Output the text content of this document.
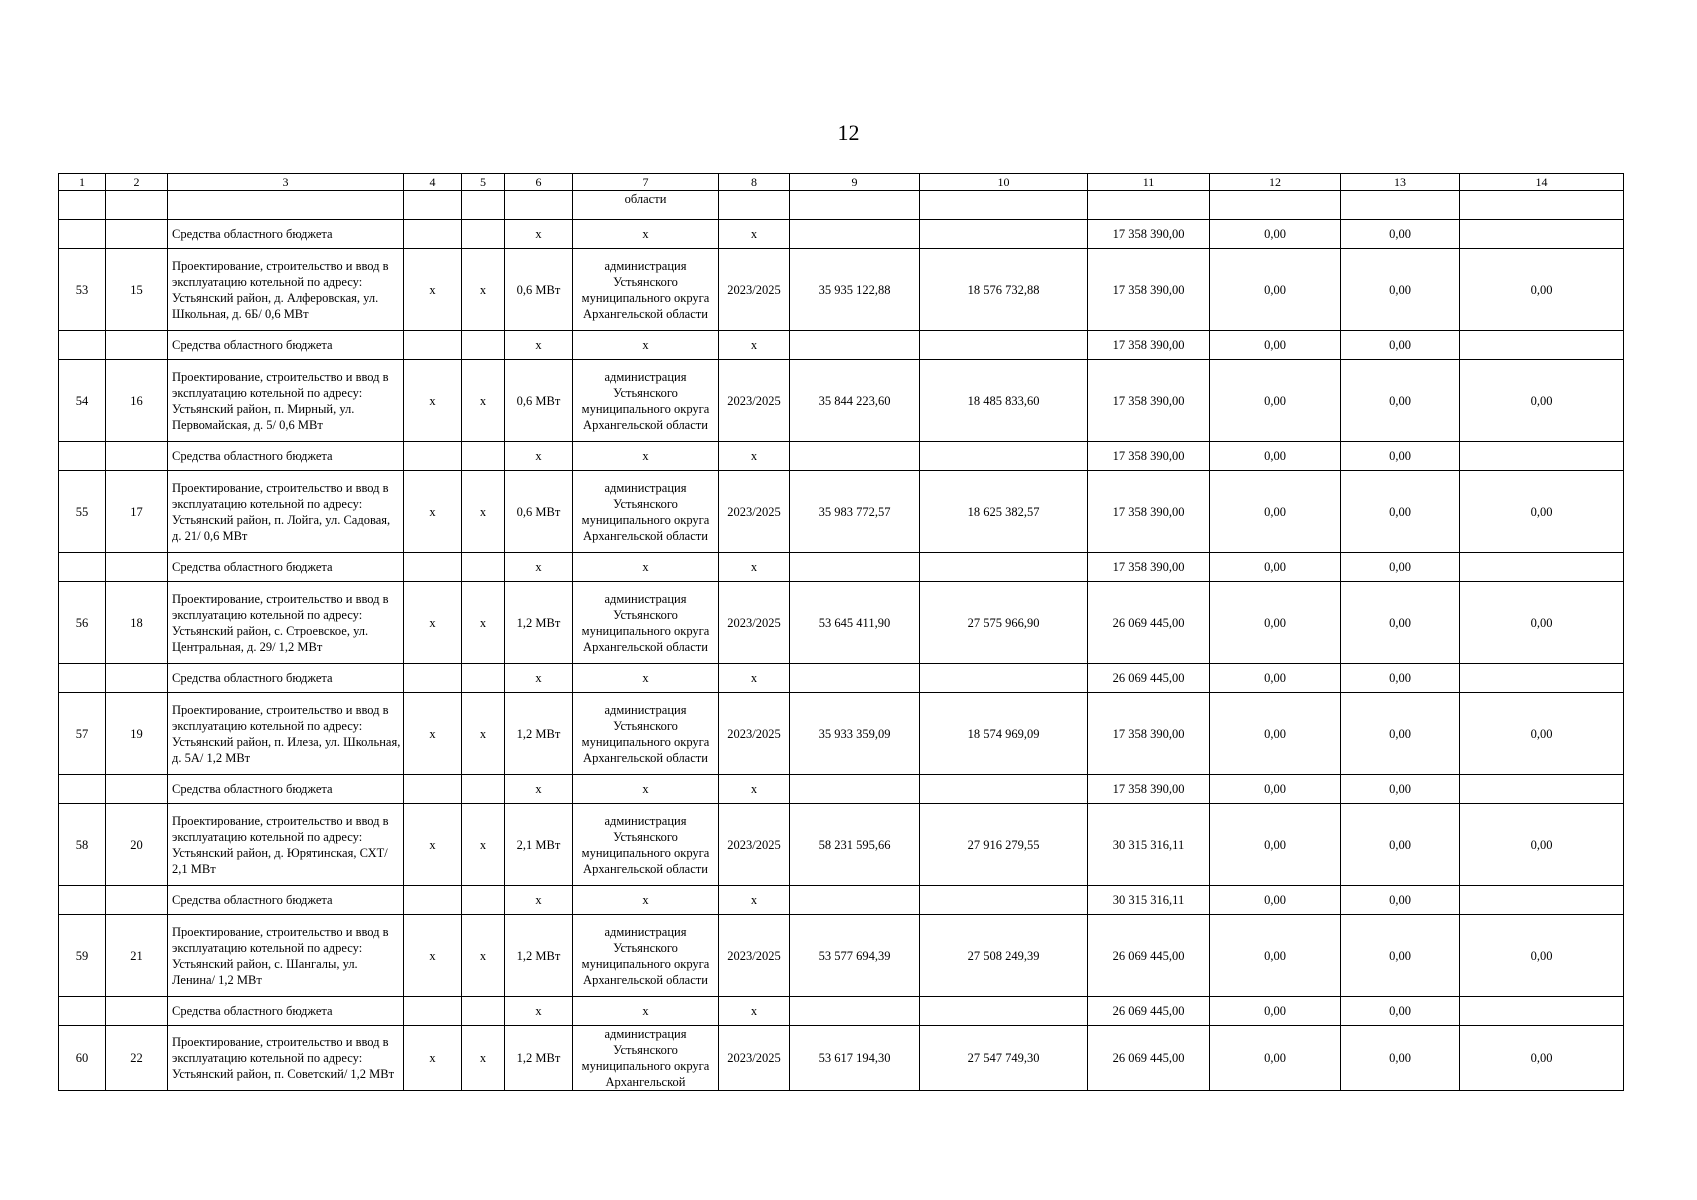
12
1	2	3	4	5	6	7	8	9	10	11	12	13	14
						области							
		Средства областного бюджета			х	х	х			17 358 390,00	0,00	0,00	
53	15	Проектирование, строительство и ввод в эксплуатацию котельной по адресу: Устьянский район, д. Алферовская, ул. Школьная, д. 6Б/ 0,6 МВт	х	х	0,6 МВт	администрация Устьянского муниципального округа Архангельской области	2023/2025	35 935 122,88	18 576 732,88	17 358 390,00	0,00	0,00	0,00
		Средства областного бюджета			х	х	х			17 358 390,00	0,00	0,00	
54	16	Проектирование, строительство и ввод в эксплуатацию котельной по адресу: Устьянский район, п. Мирный, ул. Первомайская, д. 5/ 0,6 МВт	х	х	0,6 МВт	администрация Устьянского муниципального округа Архангельской области	2023/2025	35 844 223,60	18 485 833,60	17 358 390,00	0,00	0,00	0,00
		Средства областного бюджета			х	х	х			17 358 390,00	0,00	0,00	
55	17	Проектирование, строительство и ввод в эксплуатацию котельной по адресу: Устьянский район, п. Лойга, ул. Садовая, д. 21/ 0,6 МВт	х	х	0,6 МВт	администрация Устьянского муниципального округа Архангельской области	2023/2025	35 983 772,57	18 625 382,57	17 358 390,00	0,00	0,00	0,00
		Средства областного бюджета			х	х	х			17 358 390,00	0,00	0,00	
56	18	Проектирование, строительство и ввод в эксплуатацию котельной по адресу: Устьянский район, с. Строевское, ул. Центральная, д. 29/ 1,2 МВт	х	х	1,2 МВт	администрация Устьянского муниципального округа Архангельской области	2023/2025	53 645 411,90	27 575 966,90	26 069 445,00	0,00	0,00	0,00
		Средства областного бюджета			х	х	х			26 069 445,00	0,00	0,00	
57	19	Проектирование, строительство и ввод в эксплуатацию котельной по адресу: Устьянский район, п. Илеза, ул. Школьная, д. 5А/ 1,2 МВт	х	х	1,2 МВт	администрация Устьянского муниципального округа Архангельской области	2023/2025	35 933 359,09	18 574 969,09	17 358 390,00	0,00	0,00	0,00
		Средства областного бюджета			х	х	х			17 358 390,00	0,00	0,00	
58	20	Проектирование, строительство и ввод в эксплуатацию котельной по адресу: Устьянский район, д. Юрятинская, СХТ/ 2,1 МВт	х	х	2,1 МВт	администрация Устьянского муниципального округа Архангельской области	2023/2025	58 231 595,66	27 916 279,55	30 315 316,11	0,00	0,00	0,00
		Средства областного бюджета			х	х	х			30 315 316,11	0,00	0,00	
59	21	Проектирование, строительство и ввод в эксплуатацию котельной по адресу: Устьянский район, с. Шангалы, ул. Ленина/ 1,2 МВт	х	х	1,2 МВт	администрация Устьянского муниципального округа Архангельской области	2023/2025	53 577 694,39	27 508 249,39	26 069 445,00	0,00	0,00	0,00
		Средства областного бюджета			х	х	х			26 069 445,00	0,00	0,00	
60	22	Проектирование, строительство и ввод в эксплуатацию котельной по адресу: Устьянский район, п. Советский/ 1,2 МВт	х	х	1,2 МВт	администрация Устьянского муниципального округа Архангельской	2023/2025	53 617 194,30	27 547 749,30	26 069 445,00	0,00	0,00	0,00
